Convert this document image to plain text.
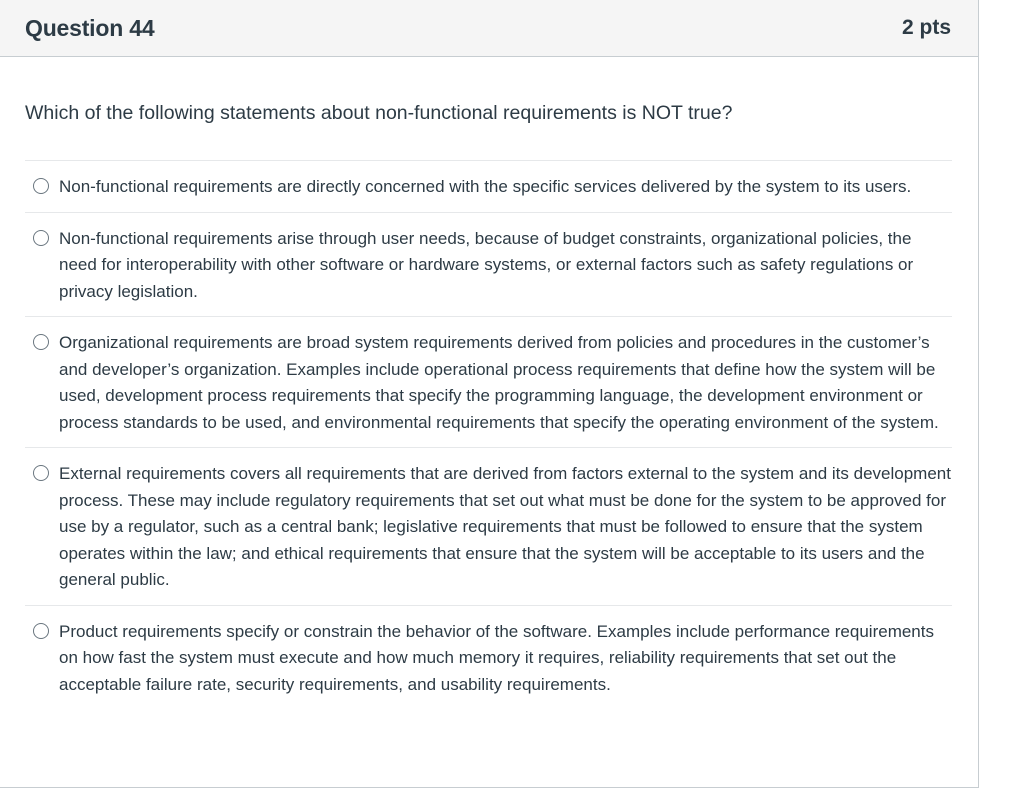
Question 44	2 pts
Which of the following statements about non-functional requirements is NOT true?
Non-functional requirements are directly concerned with the specific services delivered by the system to its users.
Non-functional requirements arise through user needs, because of budget constraints, organizational policies, the need for interoperability with other software or hardware systems, or external factors such as safety regulations or privacy legislation.
Organizational requirements are broad system requirements derived from policies and procedures in the customer’s and developer’s organization. Examples include operational process requirements that define how the system will be used, development process requirements that specify the programming language, the development environment or process standards to be used, and environmental requirements that specify the operating environment of the system.
External requirements covers all requirements that are derived from factors external to the system and its development process. These may include regulatory requirements that set out what must be done for the system to be approved for use by a regulator, such as a central bank; legislative requirements that must be followed to ensure that the system operates within the law; and ethical requirements that ensure that the system will be acceptable to its users and the general public.
Product requirements specify or constrain the behavior of the software. Examples include performance requirements on how fast the system must execute and how much memory it requires, reliability requirements that set out the acceptable failure rate, security requirements, and usability requirements.
